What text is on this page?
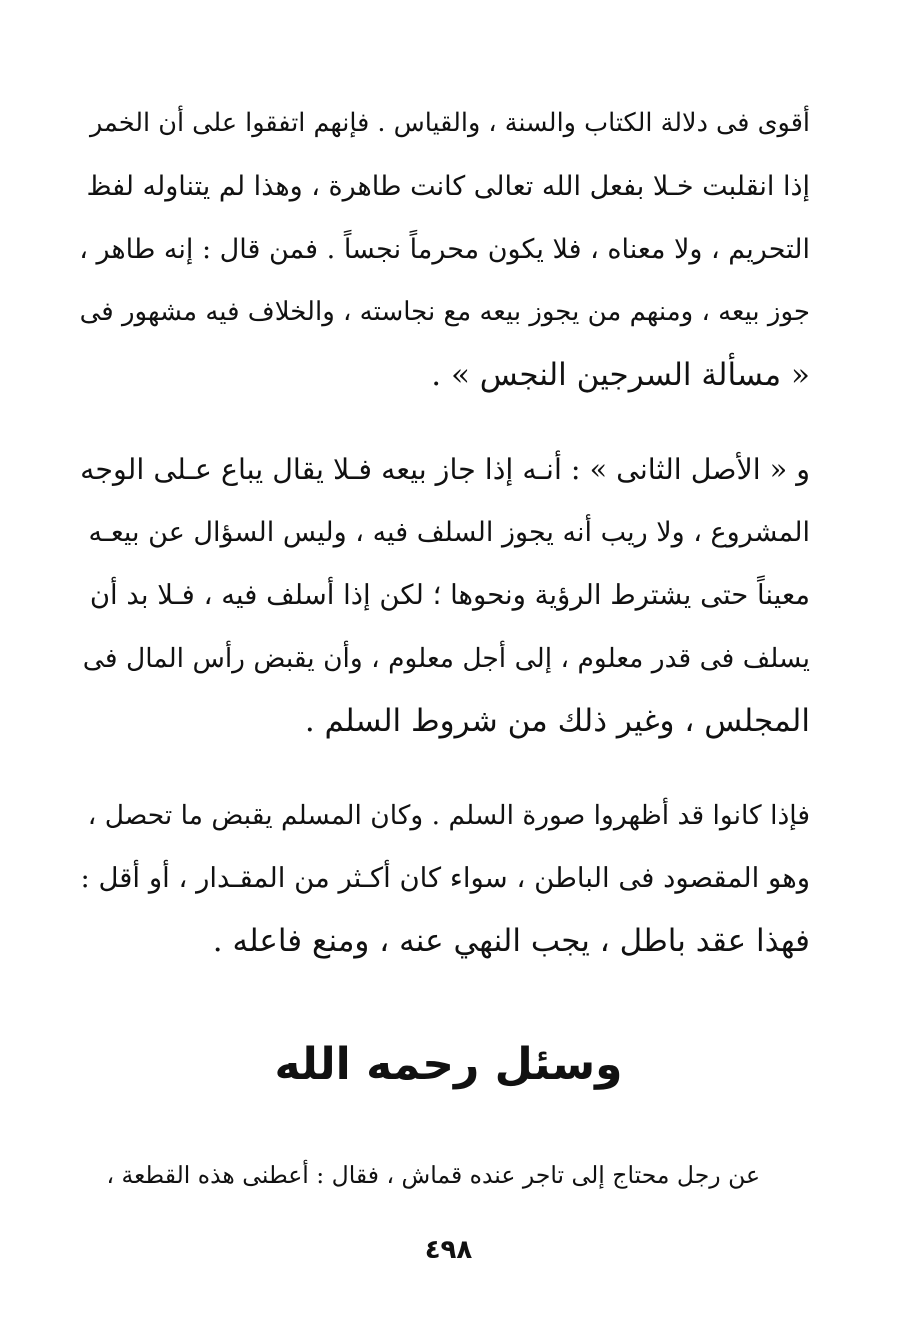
أقوى فى دلالة الكتاب والسنة ، والقياس . فإنهم اتفقوا على أن الخمر
إذا انقلبت خـلا بفعل الله تعالى كانت طاهرة ، وهذا لم يتناوله لفظ
التحريم ، ولا معناه ، فلا يكون محرماً نجساً . فمن قال : إنه طاهر ،
جوز بيعه ، ومنهم من يجوز بيعه مع نجاسته ، والخلاف فيه مشهور فى
« مسألة السرجين النجس » .
و « الأصل الثانى » : أنـه إذا جاز بيعه فـلا يقال يباع عـلى الوجه
المشروع ، ولا ريب أنه يجوز السلف فيه ، وليس السؤال عن بيعـه
معيناً حتى يشترط الرؤية ونحوها ؛ لكن إذا أسلف فيه ، فـلا بد أن
يسلف فى قدر معلوم ، إلى أجل معلوم ، وأن يقبض رأس المال فى
المجلس ، وغير ذلك من شروط السلم .
فإذا كانوا قد أظهروا صورة السلم . وكان المسلم يقبض ما تحصل ،
وهو المقصود فى الباطن ، سواء كان أكـثر من المقـدار ، أو أقل :
فهذا عقد باطل ، يجب النهي عنه ، ومنع فاعله .
وسئل رحمه الله

عن رجل محتاج إلى تاجر عنده قماش ، فقال : أعطنى هذه القطعة ،

٤٩٨
